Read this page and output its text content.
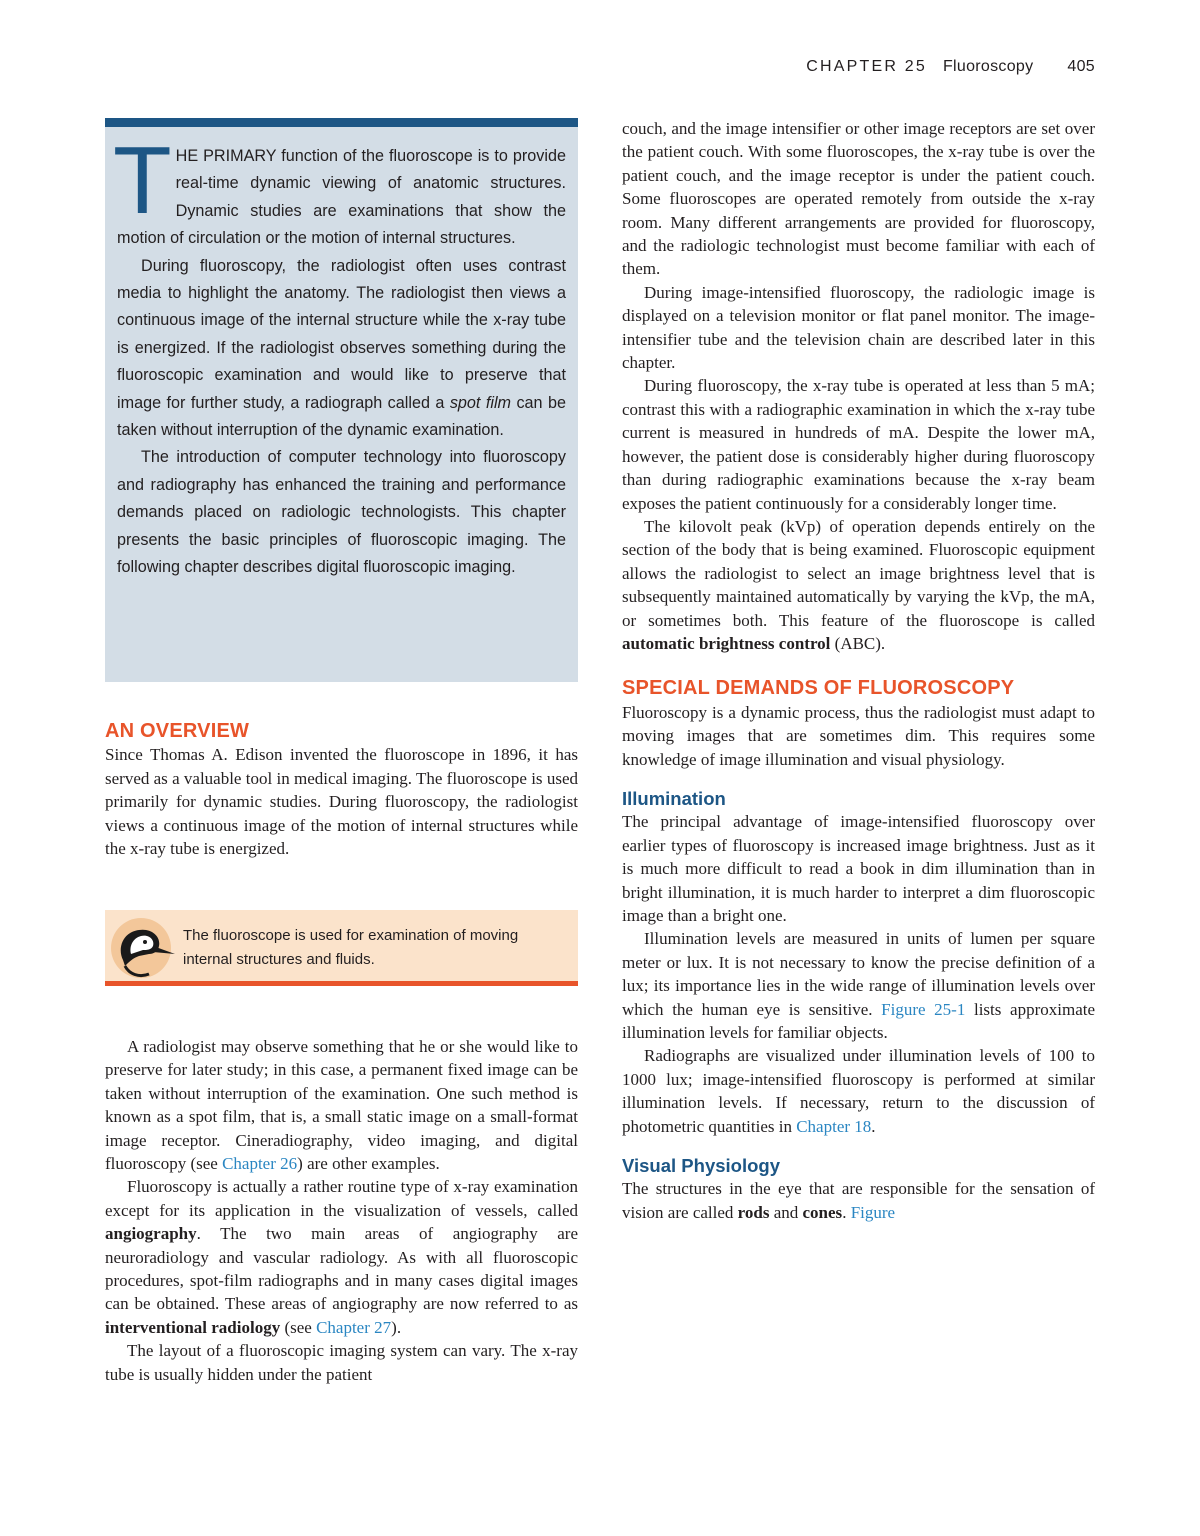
CHAPTER 25 Fluoroscopy 405

THE PRIMARY function of the fluoroscope is to provide real-time dynamic viewing of anatomic structures. Dynamic studies are examinations that show the motion of circulation or the motion of internal structures.

During fluoroscopy, the radiologist often uses contrast media to highlight the anatomy. The radiologist then views a continuous image of the internal structure while the x-ray tube is energized. If the radiologist observes something during the fluoroscopic examination and would like to preserve that image for further study, a radiograph called a spot film can be taken without interruption of the dynamic examination.

The introduction of computer technology into fluoroscopy and radiography has enhanced the training and performance demands placed on radiologic technologists. This chapter presents the basic principles of fluoroscopic imaging. The following chapter describes digital fluoroscopic imaging.

AN OVERVIEW

Since Thomas A. Edison invented the fluoroscope in 1896, it has served as a valuable tool in medical imaging. The fluoroscope is used primarily for dynamic studies. During fluoroscopy, the radiologist views a continuous image of the motion of internal structures while the x-ray tube is energized.

The fluoroscope is used for examination of moving internal structures and fluids.

A radiologist may observe something that he or she would like to preserve for later study; in this case, a permanent fixed image can be taken without interruption of the examination. One such method is known as a spot film, that is, a small static image on a small-format image receptor. Cineradiography, video imaging, and digital fluoroscopy (see Chapter 26) are other examples.

Fluoroscopy is actually a rather routine type of x-ray examination except for its application in the visualization of vessels, called angiography. The two main areas of angiography are neuroradiology and vascular radiology. As with all fluoroscopic procedures, spot-film radiographs and in many cases digital images can be obtained. These areas of angiography are now referred to as interventional radiology (see Chapter 27).

The layout of a fluoroscopic imaging system can vary. The x-ray tube is usually hidden under the patient

couch, and the image intensifier or other image receptors are set over the patient couch. With some fluoroscopes, the x-ray tube is over the patient couch, and the image receptor is under the patient couch. Some fluoroscopes are operated remotely from outside the x-ray room. Many different arrangements are provided for fluoroscopy, and the radiologic technologist must become familiar with each of them.

During image-intensified fluoroscopy, the radiologic image is displayed on a television monitor or flat panel monitor. The image-intensifier tube and the television chain are described later in this chapter.

During fluoroscopy, the x-ray tube is operated at less than 5 mA; contrast this with a radiographic examination in which the x-ray tube current is measured in hundreds of mA. Despite the lower mA, however, the patient dose is considerably higher during fluoroscopy than during radiographic examinations because the x-ray beam exposes the patient continuously for a considerably longer time.

The kilovolt peak (kVp) of operation depends entirely on the section of the body that is being examined. Fluoroscopic equipment allows the radiologist to select an image brightness level that is subsequently maintained automatically by varying the kVp, the mA, or sometimes both. This feature of the fluoroscope is called automatic brightness control (ABC).

SPECIAL DEMANDS OF FLUOROSCOPY

Fluoroscopy is a dynamic process, thus the radiologist must adapt to moving images that are sometimes dim. This requires some knowledge of image illumination and visual physiology.

Illumination

The principal advantage of image-intensified fluoroscopy over earlier types of fluoroscopy is increased image brightness. Just as it is much more difficult to read a book in dim illumination than in bright illumination, it is much harder to interpret a dim fluoroscopic image than a bright one.

Illumination levels are measured in units of lumen per square meter or lux. It is not necessary to know the precise definition of a lux; its importance lies in the wide range of illumination levels over which the human eye is sensitive. Figure 25-1 lists approximate illumination levels for familiar objects.

Radiographs are visualized under illumination levels of 100 to 1000 lux; image-intensified fluoroscopy is performed at similar illumination levels. If necessary, return to the discussion of photometric quantities in Chapter 18.

Visual Physiology

The structures in the eye that are responsible for the sensation of vision are called rods and cones. Figure
